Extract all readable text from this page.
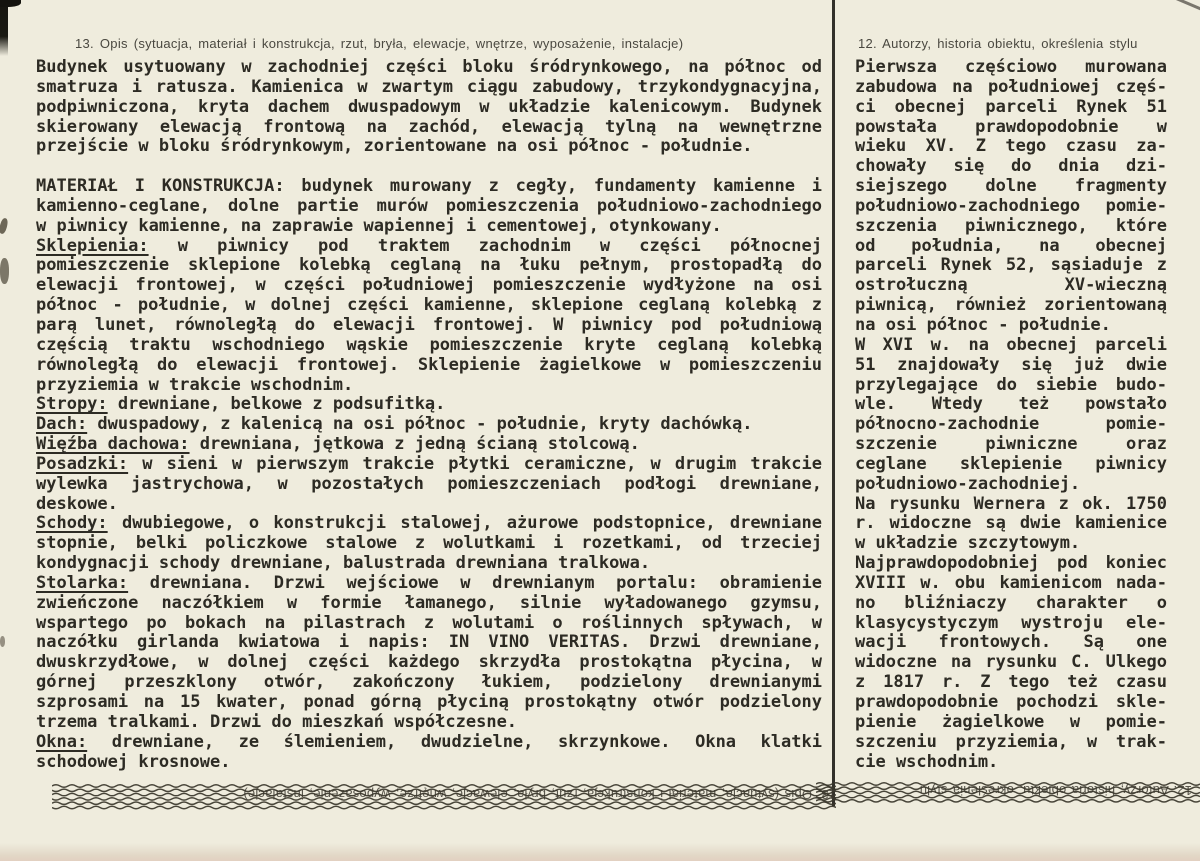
13. Opis (sytuacja, materiał i konstrukcja, rzut, bryła, elewacje, wnętrze, wyposażenie, instalacje)	12. Autorzy, historia obiektu, określenia stylu
Budynek usytuowany w zachodniej części bloku śródrynkowego, na północ od
smatruza i ratusza. Kamienica w zwartym ciągu zabudowy, trzykondygnacyjna,
podpiwniczona, kryta dachem dwuspadowym w układzie kalenicowym. Budynek
skierowany elewacją frontową na zachód, elewacją tylną na wewnętrzne
przejście w bloku śródrynkowym, zorientowane na osi północ - południe.

MATERIAŁ I KONSTRUKCJA: budynek murowany z cegły, fundamenty kamienne i
kamienno-ceglane, dolne partie murów pomieszczenia południowo-zachodniego
w piwnicy kamienne, na zaprawie wapiennej i cementowej, otynkowany.
Sklepienia: w piwnicy pod traktem zachodnim w części północnej
pomieszczenie sklepione kolebką ceglaną na łuku pełnym, prostopadłą do
elewacji frontowej, w części południowej pomieszczenie wydłyżone na osi
północ - południe, w dolnej części kamienne, sklepione ceglaną kolebką z
parą lunet, równoległą do elewacji frontowej. W piwnicy pod południową
częścią traktu wschodniego wąskie pomieszczenie kryte ceglaną kolebką
równoległą do elewacji frontowej. Sklepienie żagielkowe w pomieszczeniu
przyziemia w trakcie wschodnim.
Stropy: drewniane, belkowe z podsufitką.
Dach: dwuspadowy, z kalenicą na osi północ - południe, kryty dachówką.
Więźba dachowa: drewniana, jętkowa z jedną ścianą stolcową.
Posadzki: w sieni w pierwszym trakcie płytki ceramiczne, w drugim trakcie
wylewka jastrychowa, w pozostałych pomieszczeniach podłogi drewniane,
deskowe.
Schody: dwubiegowe, o konstrukcji stalowej, ażurowe podstopnice, drewniane
stopnie, belki policzkowe stalowe z wolutkami i rozetkami, od trzeciej
kondygnacji schody drewniane, balustrada drewniana tralkowa.
Stolarka: drewniana. Drzwi wejściowe w drewnianym portalu: obramienie
zwieńczone naczółkiem w formie łamanego, silnie wyładowanego gzymsu,
wspartego po bokach na pilastrach z wolutami o roślinnych spływach, w
naczółku girlanda kwiatowa i napis: IN VINO VERITAS. Drzwi drewniane,
dwuskrzydłowe, w dolnej części każdego skrzydła prostokątna płycina, w
górnej przeszklony otwór, zakończony łukiem, podzielony drewnianymi
szprosami na 15 kwater, ponad górną płyciną prostokątny otwór podzielony
trzema tralkami. Drzwi do mieszkań współczesne.
Okna: drewniane, ze ślemieniem, dwudzielne, skrzynkowe. Okna klatki
schodowej krosnowe.
Pierwsza częściowo murowana
zabudowa na południowej częś-
ci obecnej parceli Rynek 51
powstała prawdopodobnie w
wieku XV. Z tego czasu za-
chowały się do dnia dzi-
siejszego dolne fragmenty
południowo-zachodniego pomie-
szczenia piwnicznego, które
od południa, na obecnej
parceli Rynek 52, sąsiaduje z
ostrołuczną XV-wieczną
piwnicą, również zorientowaną
na osi północ - południe.
W XVI w. na obecnej parceli
51 znajdowały się już dwie
przylegające do siebie budo-
wle. Wtedy też powstało
północno-zachodnie pomie-
szczenie piwniczne oraz
ceglane sklepienie piwnicy
południowo-zachodniej.
Na rysunku Wernera z ok. 1750
r. widoczne są dwie kamienice
w układzie szczytowym.
Najprawdopodobniej pod koniec
XVIII w. obu kamienicom nada-
no bliźniaczy charakter o
klasycystyczym wystroju ele-
wacji frontowych. Są one
widoczne na rysunku C. Ulkego
z 1817 r. Z tego też czasu
prawdopodobnie pochodzi skle-
pienie żagielkowe w pomie-
szczeniu przyziemia, w trak-
cie wschodnim.
13. Opis (sytuacja, materiał i konstrukcja, rzut, bryła, elewacje, wnętrze, wyposażenie, instalacje)	12. Autorzy, historia obiektu, określenia stylu
